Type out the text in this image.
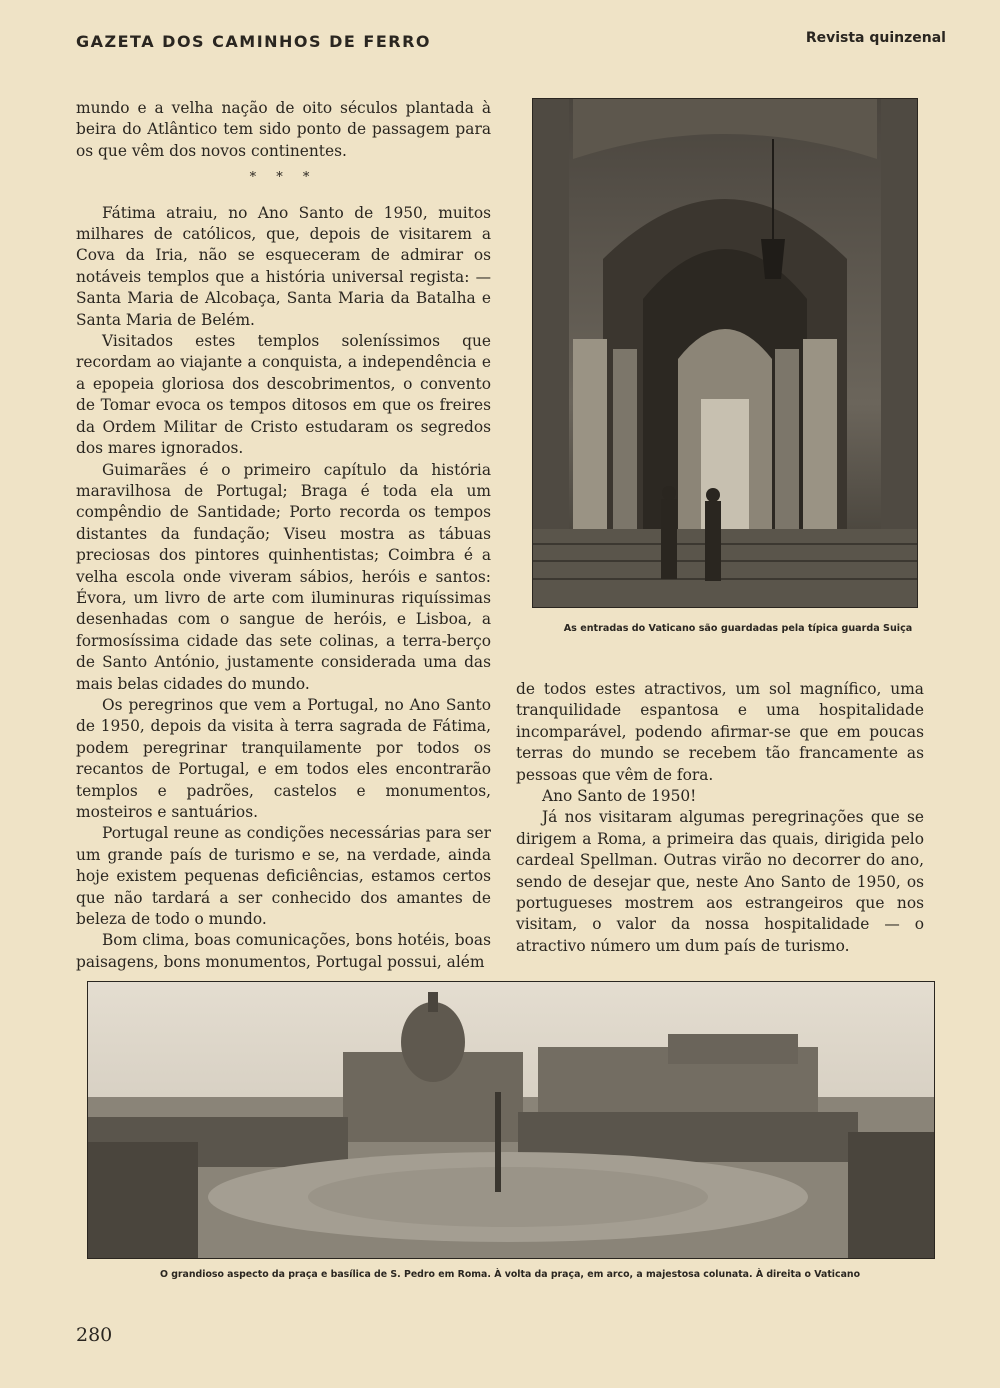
GAZETA DOS CAMINHOS DE FERRO	Revista quinzenal

mundo e a velha nação de oito séculos plantada à beira do Atlântico tem sido ponto de passagem para os que vêm dos novos continentes.

* * *

Fátima atraiu, no Ano Santo de 1950, muitos milhares de católicos, que, depois de visitarem a Cova da Iria, não se esqueceram de admirar os notáveis templos que a história universal regista: — Santa Maria de Alcobaça, Santa Maria da Batalha e Santa Maria de Belém.

Visitados estes templos soleníssimos que recordam ao viajante a conquista, a independência e a epopeia gloriosa dos descobrimentos, o convento de Tomar evoca os tempos ditosos em que os freires da Ordem Militar de Cristo estudaram os segredos dos mares ignorados.

Guimarães é o primeiro capítulo da história maravilhosa de Portugal; Braga é toda ela um compêndio de Santidade; Porto recorda os tempos distantes da fundação; Viseu mostra as tábuas preciosas dos pintores quinhentistas; Coimbra é a velha escola onde viveram sábios, heróis e santos: Évora, um livro de arte com iluminuras riquíssimas desenhadas com o sangue de heróis, e Lisboa, a formosíssima cidade das sete colinas, a terra-berço de Santo António, justamente considerada uma das mais belas cidades do mundo.

Os peregrinos que vem a Portugal, no Ano Santo de 1950, depois da visita à terra sagrada de Fátima, podem peregrinar tranquilamente por todos os recantos de Portugal, e em todos eles encontrarão templos e padrões, castelos e monumentos, mosteiros e santuários.

Portugal reune as condições necessárias para ser um grande país de turismo e se, na verdade, ainda hoje existem pequenas deficiências, estamos certos que não tardará a ser conhecido dos amantes de beleza de todo o mundo.

Bom clima, boas comunicações, bons hotéis, boas paisagens, bons monumentos, Portugal possui, além

As entradas do Vaticano são guardadas pela típica guarda Suiça

de todos estes atractivos, um sol magnífico, uma tranquilidade espantosa e uma hospitalidade incomparável, podendo afirmar-se que em poucas terras do mundo se recebem tão francamente as pessoas que vêm de fora.

Ano Santo de 1950!

Já nos visitaram algumas peregrinações que se dirigem a Roma, a primeira das quais, dirigida pelo cardeal Spellman. Outras virão no decorrer do ano, sendo de desejar que, neste Ano Santo de 1950, os portugueses mostrem aos estrangeiros que nos visitam, o valor da nossa hospitalidade — o atractivo número um dum país de turismo.

O grandioso aspecto da praça e basílica de S. Pedro em Roma. À volta da praça, em arco, a majestosa colunata. À direita o Vaticano
280
